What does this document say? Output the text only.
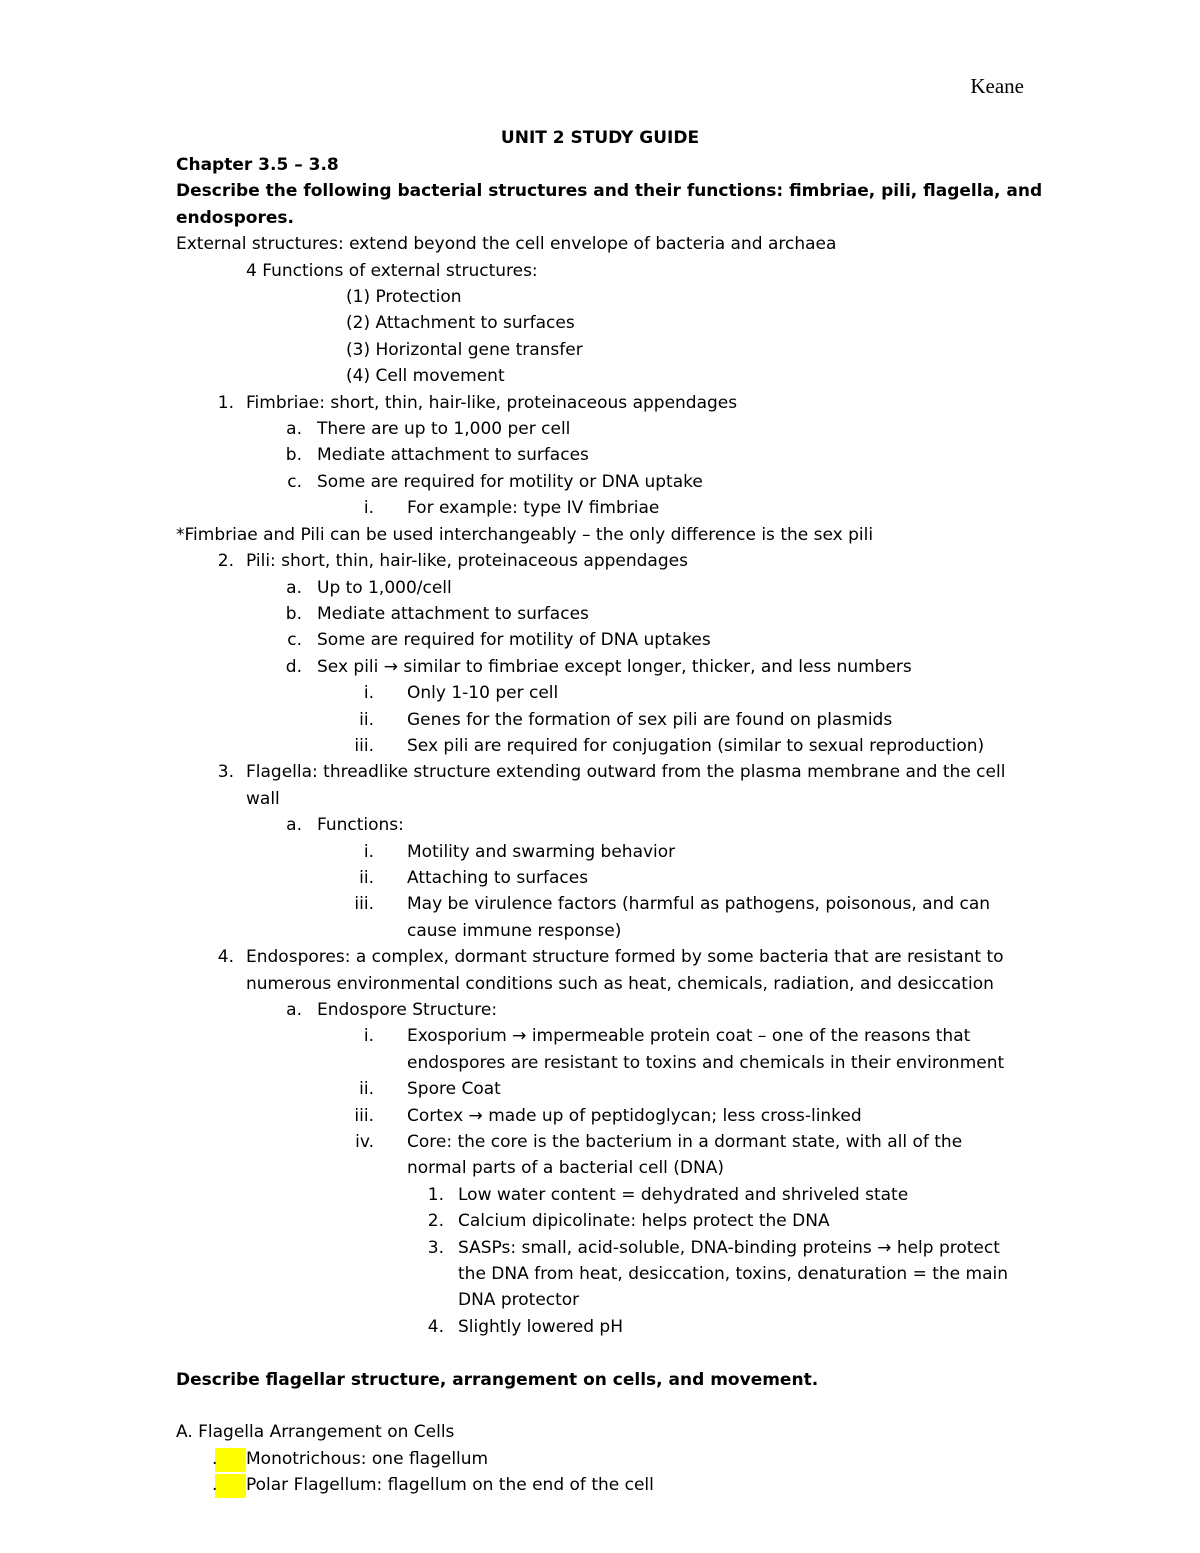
Keane
UNIT 2 STUDY GUIDE
Chapter 3.5 – 3.8
Describe the following bacterial structures and their functions: fimbriae, pili, flagella, and
endospores.
External structures: extend beyond the cell envelope of bacteria and archaea
4 Functions of external structures:
(1) Protection
(2) Attachment to surfaces
(3) Horizontal gene transfer
(4) Cell movement
1. Fimbriae: short, thin, hair-like, proteinaceous appendages
a. There are up to 1,000 per cell
b. Mediate attachment to surfaces
c. Some are required for motility or DNA uptake
i. For example: type IV fimbriae
*Fimbriae and Pili can be used interchangeably – the only difference is the sex pili
2. Pili: short, thin, hair-like, proteinaceous appendages
a. Up to 1,000/cell
b. Mediate attachment to surfaces
c. Some are required for motility of DNA uptakes
d. Sex pili → similar to fimbriae except longer, thicker, and less numbers
i. Only 1-10 per cell
ii. Genes for the formation of sex pili are found on plasmids
iii. Sex pili are required for conjugation (similar to sexual reproduction)
3. Flagella: threadlike structure extending outward from the plasma membrane and the cell
wall
a. Functions:
i. Motility and swarming behavior
ii. Attaching to surfaces
iii. May be virulence factors (harmful as pathogens, poisonous, and can
cause immune response)
4. Endospores: a complex, dormant structure formed by some bacteria that are resistant to
numerous environmental conditions such as heat, chemicals, radiation, and desiccation
a. Endospore Structure:
i. Exosporium → impermeable protein coat – one of the reasons that
endospores are resistant to toxins and chemicals in their environment
ii. Spore Coat
iii. Cortex → made up of peptidoglycan; less cross-linked
iv. Core: the core is the bacterium in a dormant state, with all of the
normal parts of a bacterial cell (DNA)
1. Low water content = dehydrated and shriveled state
2. Calcium dipicolinate: helps protect the DNA
3. SASPs: small, acid-soluble, DNA-binding proteins → help protect
the DNA from heat, desiccation, toxins, denaturation = the main
DNA protector
4. Slightly lowered pH
Describe flagellar structure, arrangement on cells, and movement.
A. Flagella Arrangement on Cells
. Monotrichous: one flagellum
. Polar Flagellum: flagellum on the end of the cell
